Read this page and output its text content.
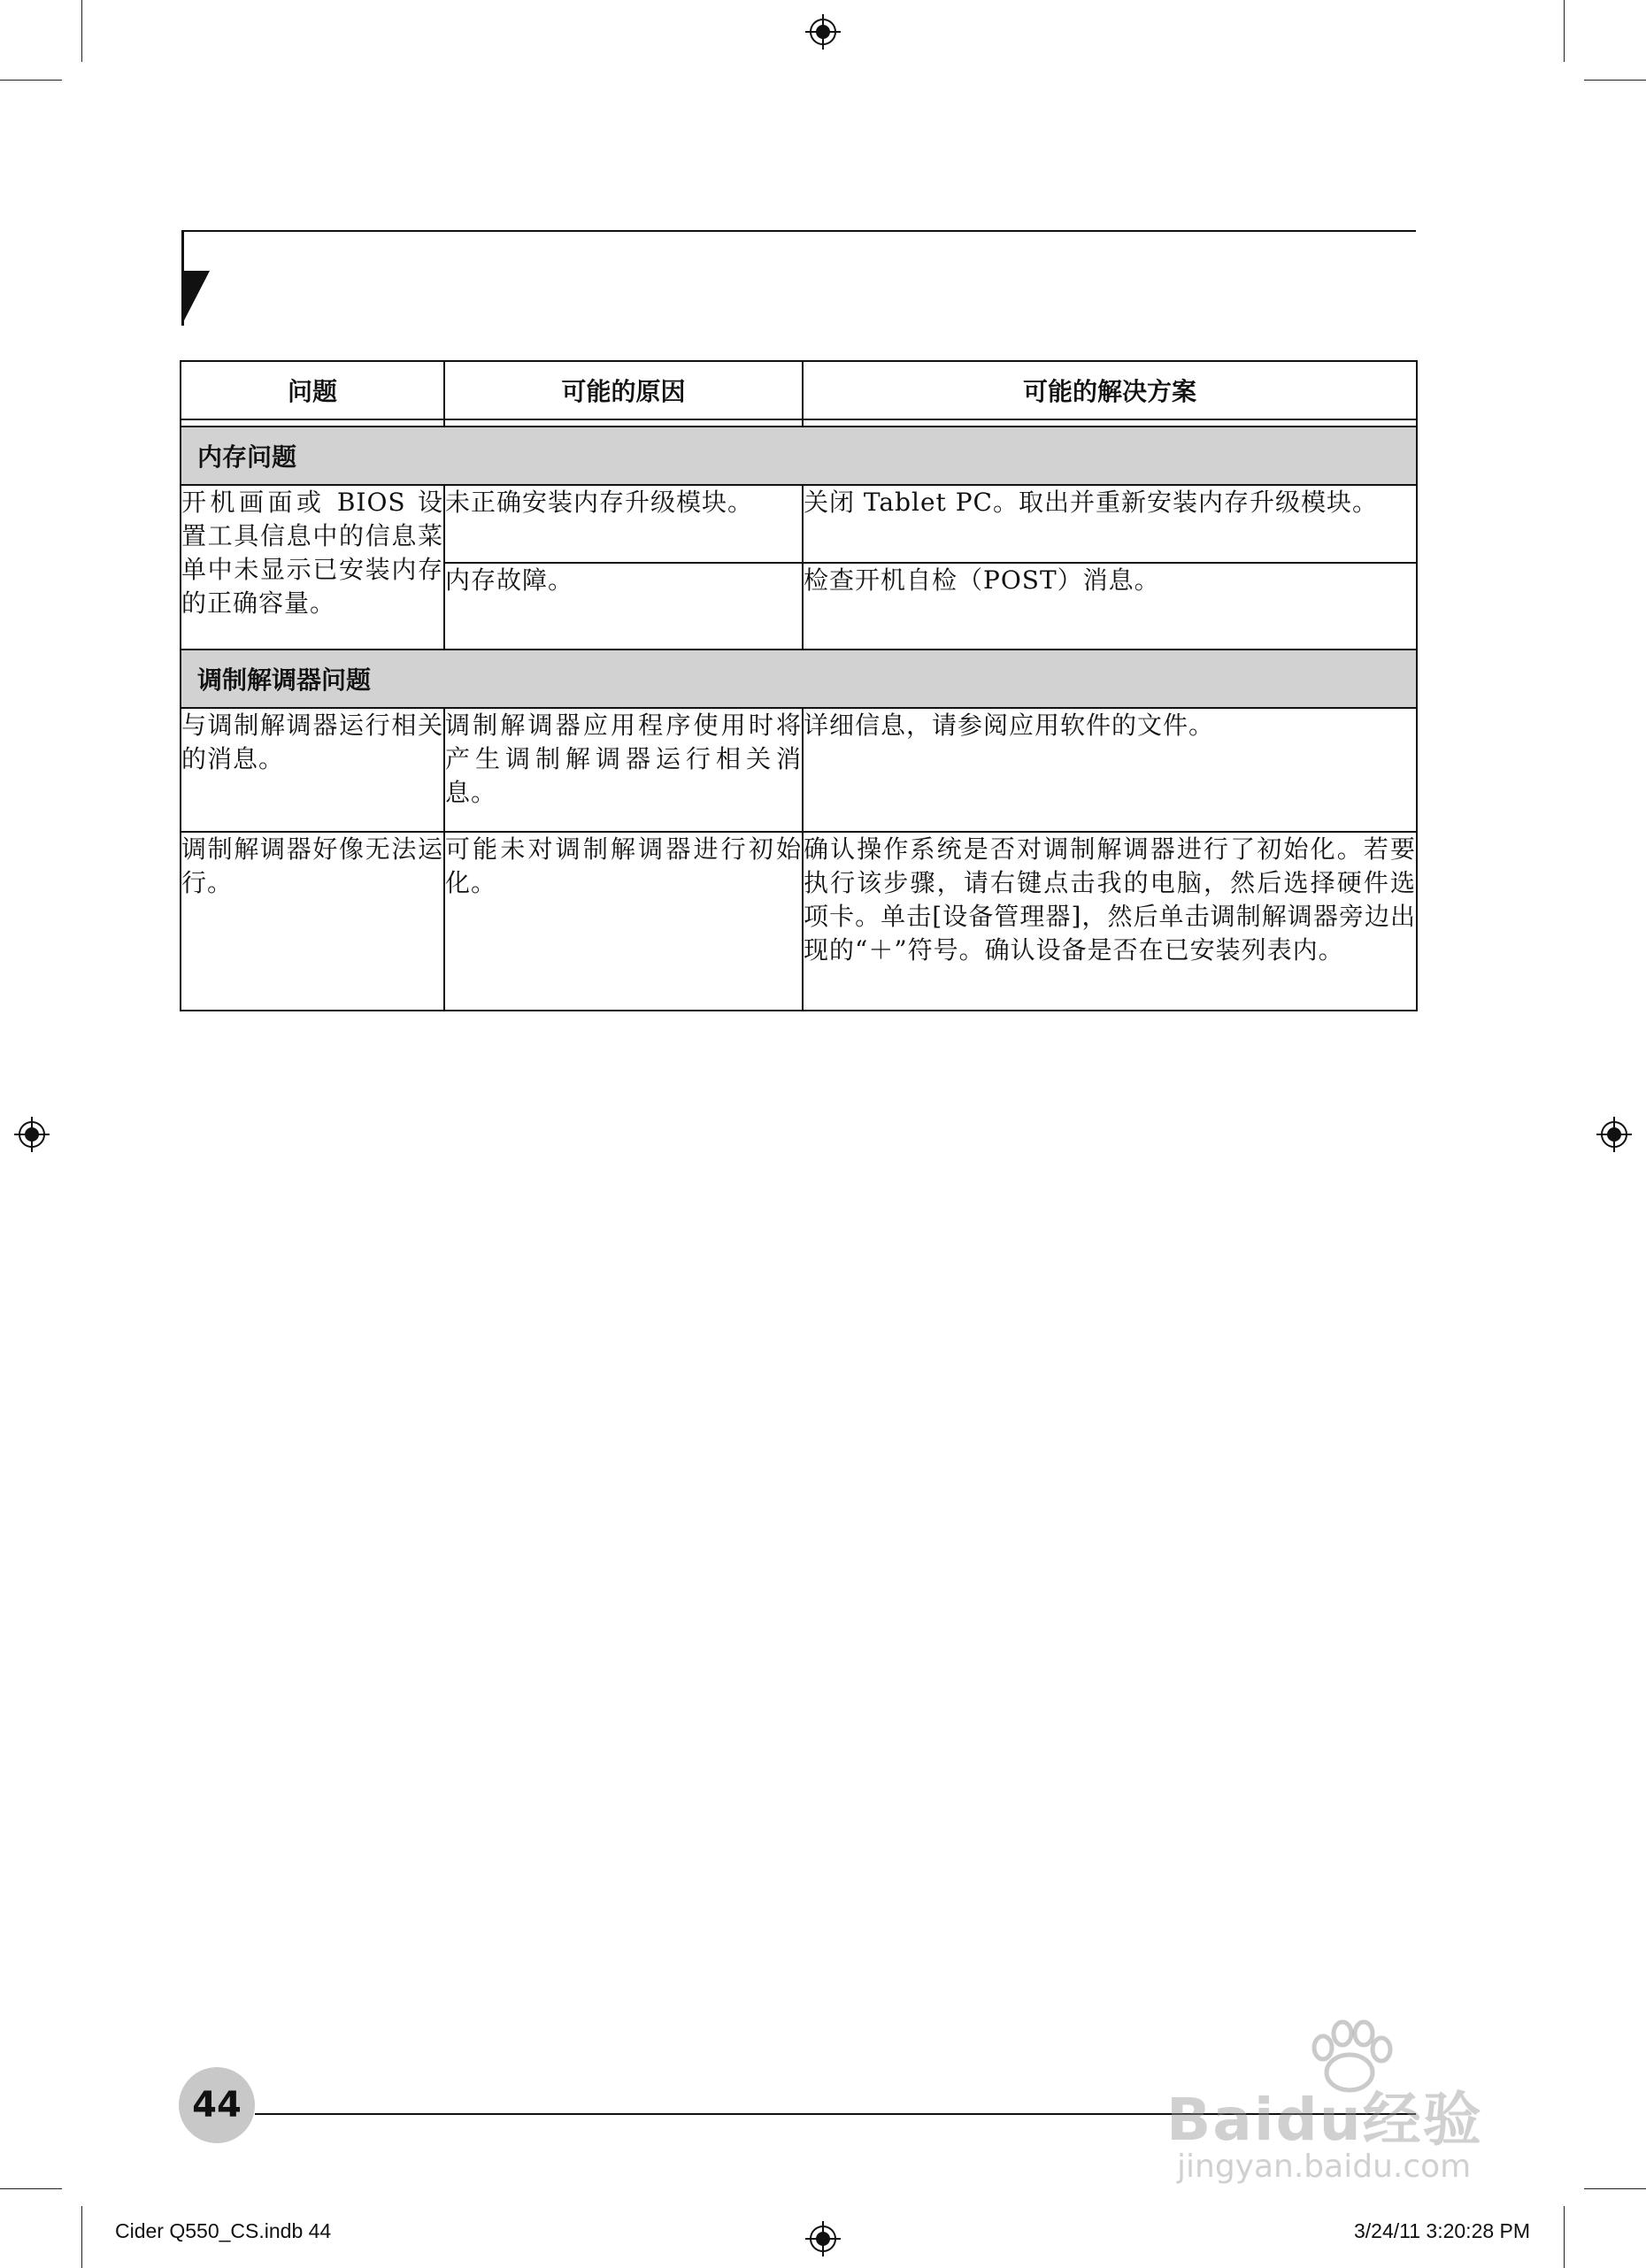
问题	可能的原因	可能的解决方案

内存问题		
开机画面或 BIOS 设置工具信息中的信息菜单中未显示已安装内存的正确容量。	未正确安装内存升级模块。	关闭 Tablet PC。取出并重新安装内存升级模块。
	内存故障。	检查开机自检（POST）消息。
调制解调器问题		
与调制解调器运行相关的消息。	调制解调器应用程序使用时将产生调制解调器运行相关消息。	详细信息，请参阅应用软件的文件。
调制解调器好像无法运行。	可能未对调制解调器进行初始化。	确认操作系统是否对调制解调器进行了初始化。若要执行该步骤，请右键点击我的电脑，然后选择硬件选项卡。单击[设备管理器]，然后单击调制解调器旁边出现的“＋”符号。确认设备是否在已安装列表内。
44
Cider Q550_CS.indb 44	3/24/11 3:20:28 PM
Baidu经验
jingyan.baidu.com
